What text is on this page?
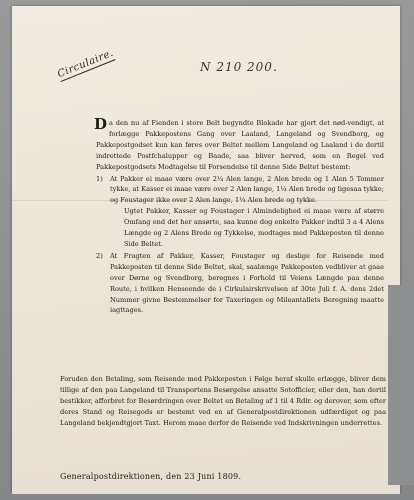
Circulaire.	N 210 200.

D a den nu af Fienden i store Belt begyndte Blokade har gjort det nød-vendigt, at forlægge Pakkepostens Gang over Laaland, Langeland og Svendborg, og Pakkepostgodset kun kan føres over Beltet mellem Langeland og Laaland i de dertil indrettede Postfchalupper og Baade, saa bliver herved, som en Regel ved Pakkepostgodsets Modtagelse til Forsendelse til denne Side Beltet bestemt:

1) At Pakker ei maae være over 2¼ Alen lange, 2 Alen brede og 1 Alen 5 Tommer tykke, at Kasser ei maae være over 2 Alen lange, 1¼ Alen brede og ligesaa tykke; og Foustager ikke over 2 Alen lange, 1¼ Alen brede og tykke.
Ugtet Pakker, Kasser og Foustager i Almindelighed ei maae være af større Omfang end det her ansørte, saa kunne dog enkelte Pakker indtil 3 a 4 Alens Længde og 2 Alens Brede og Tykkelse, modtages med Pakkeposten til denne Side Beltet.
2) At Fragten af Pakker, Kasser, Foustager og deslige for Reisende med Pakkeposten til denne Side Beltet, skal, saalænge Pakkeposten vedbliver at gaae over Dørne og Svendborg, beregnes i Forhold til Veiens Længde paa denne Route, i hvilken Henseende de i Cirkulairskrivelsen af 30te Juli f. A. dens 2det Nummer givne Bestemmelser for Taxeringen og Mileantallets Beregning maatte iagttages.

Foruden den Betaling, som Reisende med Pakkeposten i Følge heraf skulle erlægge, bliver dem tillige af den paa Langeland til Transportens Besørgelse ansatte Sotofficier, eller den, han dertil bestikker, afforbret for Besørdringen over Beltet en Betaling af 1 til 4 Rdlr. og derover, som efter deres Stand og Reisegods er bestemt ved en af Generalpostdirektionen udfærdiget og paa Langeland bekjendtgjort Taxt. Herom maae derfor de Reisende ved Indskrivningen underrettes.

Generalpostdirektionen, den 23 Juni 1809.
